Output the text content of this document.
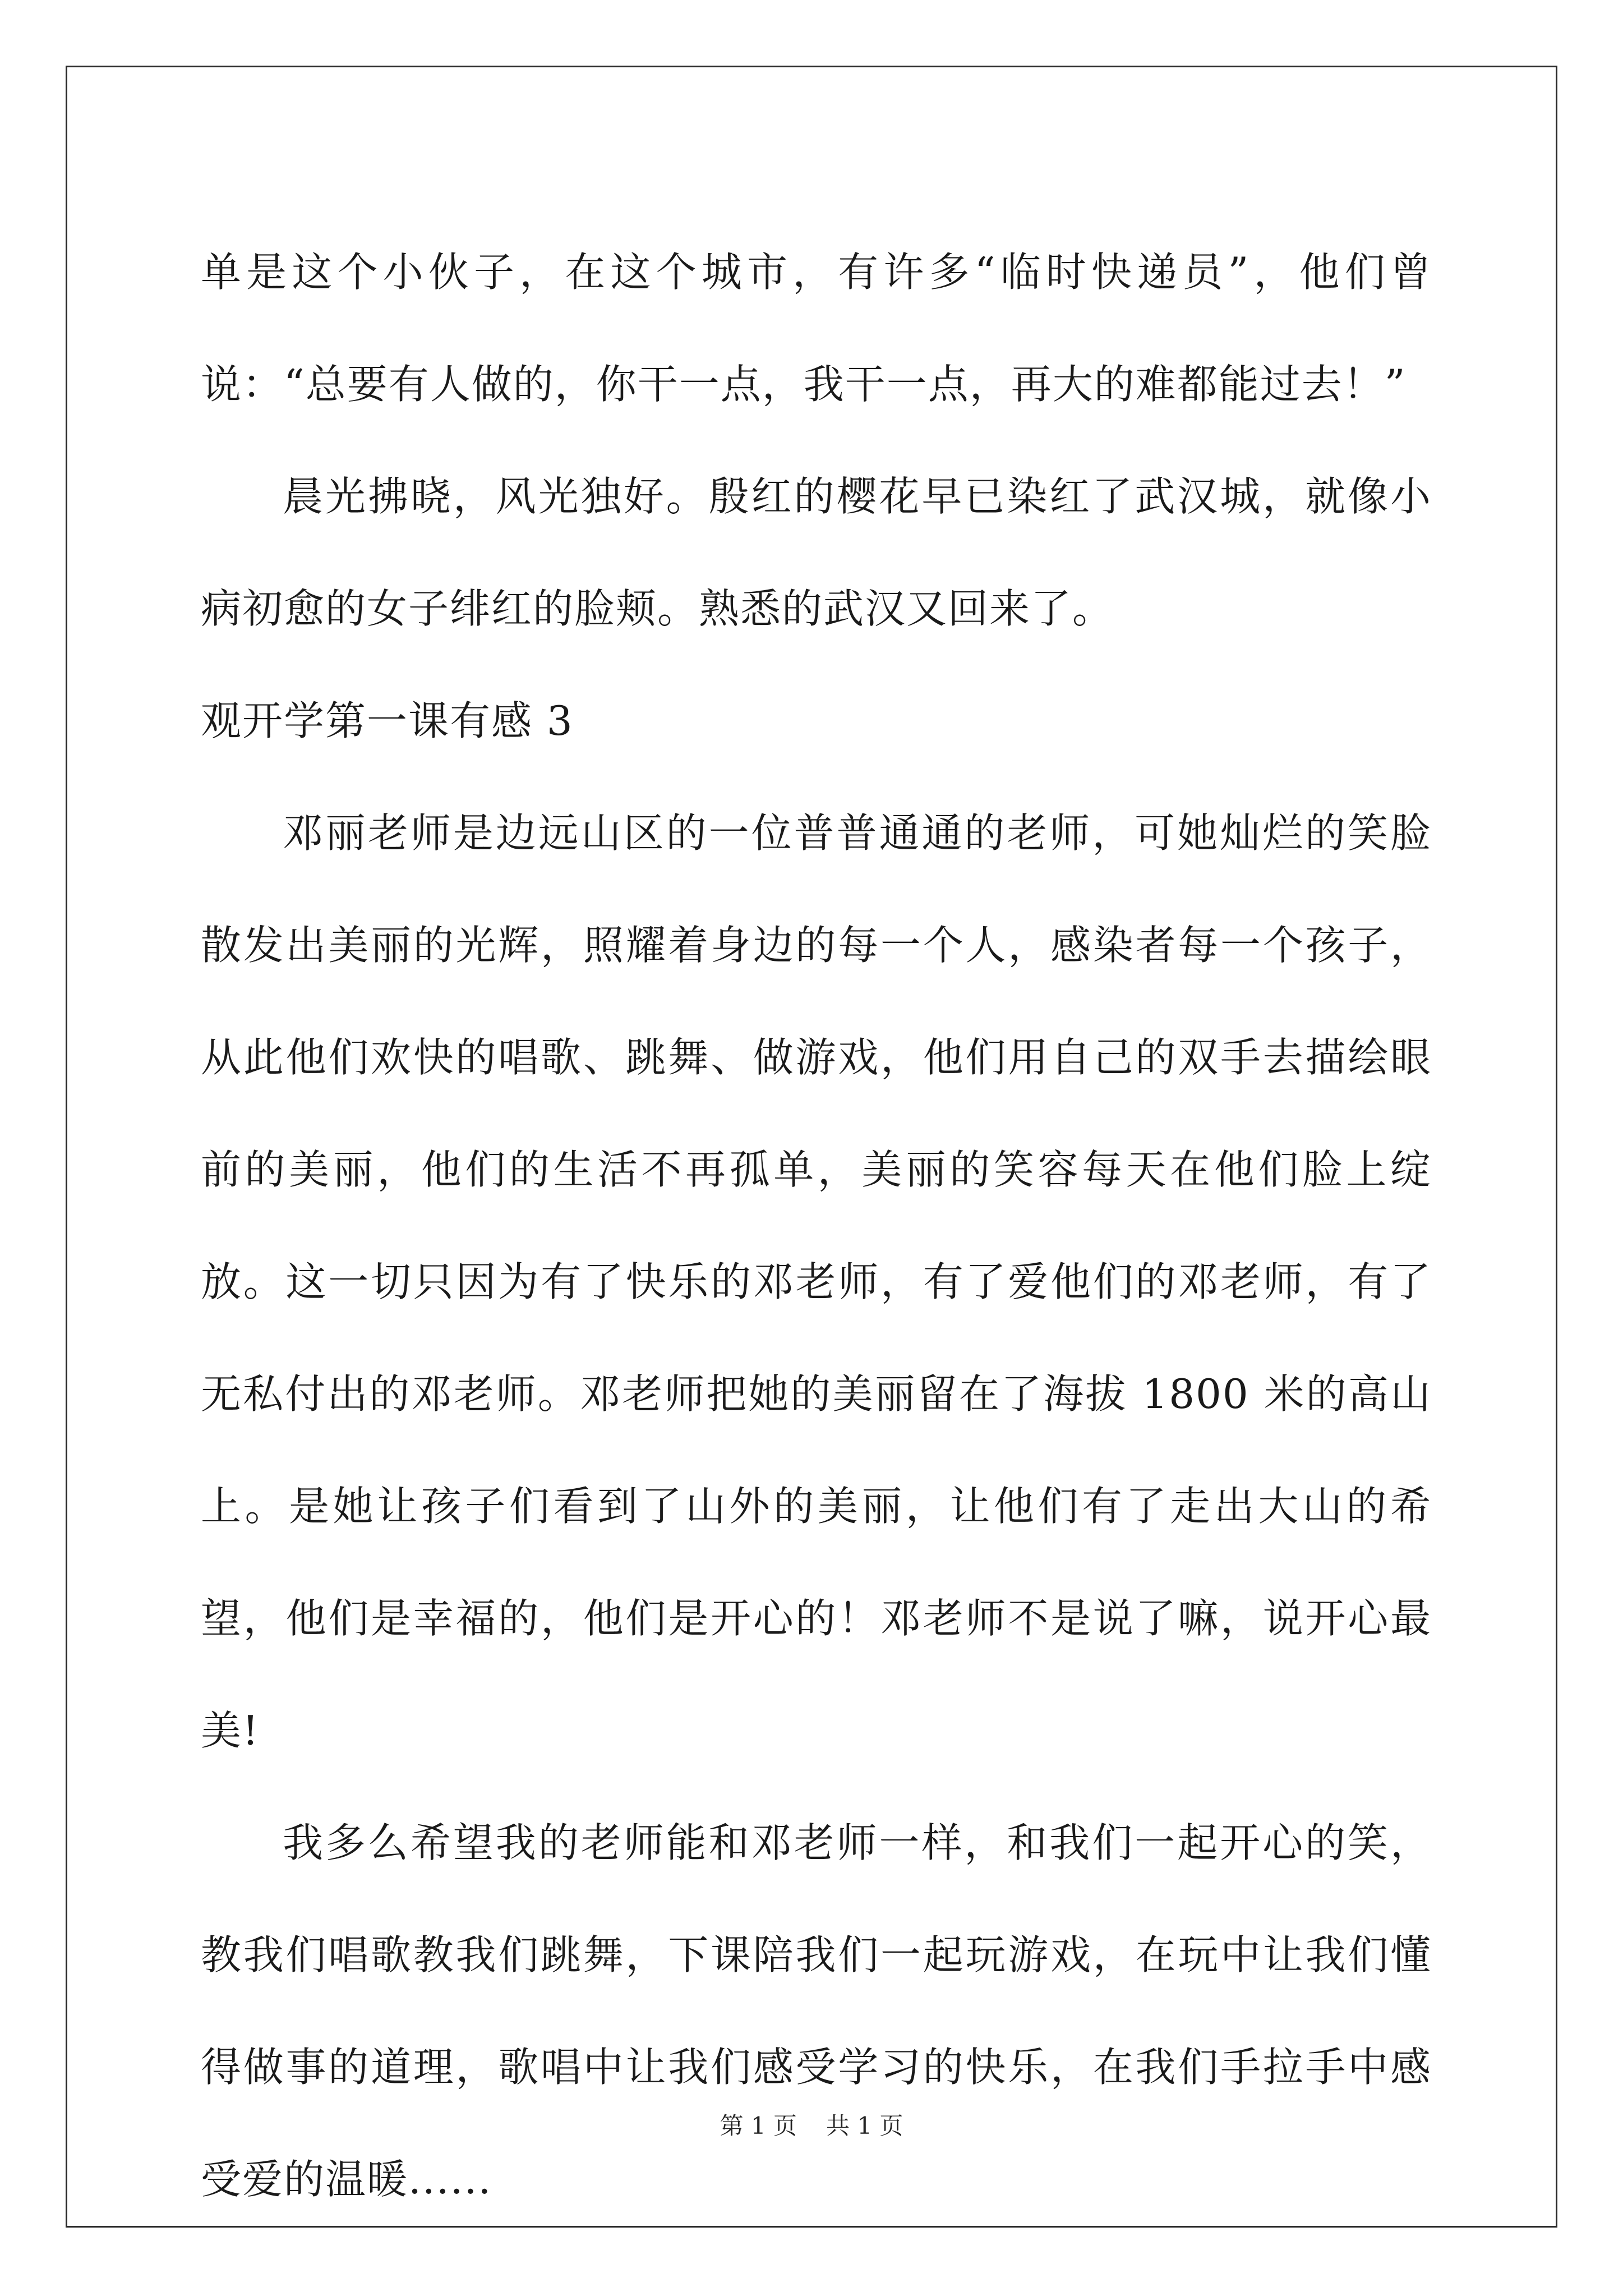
单是这个小伙子，在这个城市，有许多“临时快递员”，他们曾说：“总要有人做的，你干一点，我干一点，再大的难都能过去！”

晨光拂晓，风光独好。殷红的樱花早已染红了武汉城，就像小病初愈的女子绯红的脸颊。熟悉的武汉又回来了。

观开学第一课有感 3

邓丽老师是边远山区的一位普普通通的老师，可她灿烂的笑脸散发出美丽的光辉，照耀着身边的每一个人，感染者每一个孩子，从此他们欢快的唱歌、跳舞、做游戏，他们用自己的双手去描绘眼前的美丽，他们的生活不再孤单，美丽的笑容每天在他们脸上绽放。这一切只因为有了快乐的邓老师，有了爱他们的邓老师，有了无私付出的邓老师。邓老师把她的美丽留在了海拔 1800 米的高山上。是她让孩子们看到了山外的美丽，让他们有了走出大山的希望，他们是幸福的，他们是开心的！邓老师不是说了嘛，说开心最美!

我多么希望我的老师能和邓老师一样，和我们一起开心的笑，教我们唱歌教我们跳舞，下课陪我们一起玩游戏，在玩中让我们懂得做事的道理，歌唱中让我们感受学习的快乐，在我们手拉手中感受爱的温暖......

第 1 页 共 1 页
